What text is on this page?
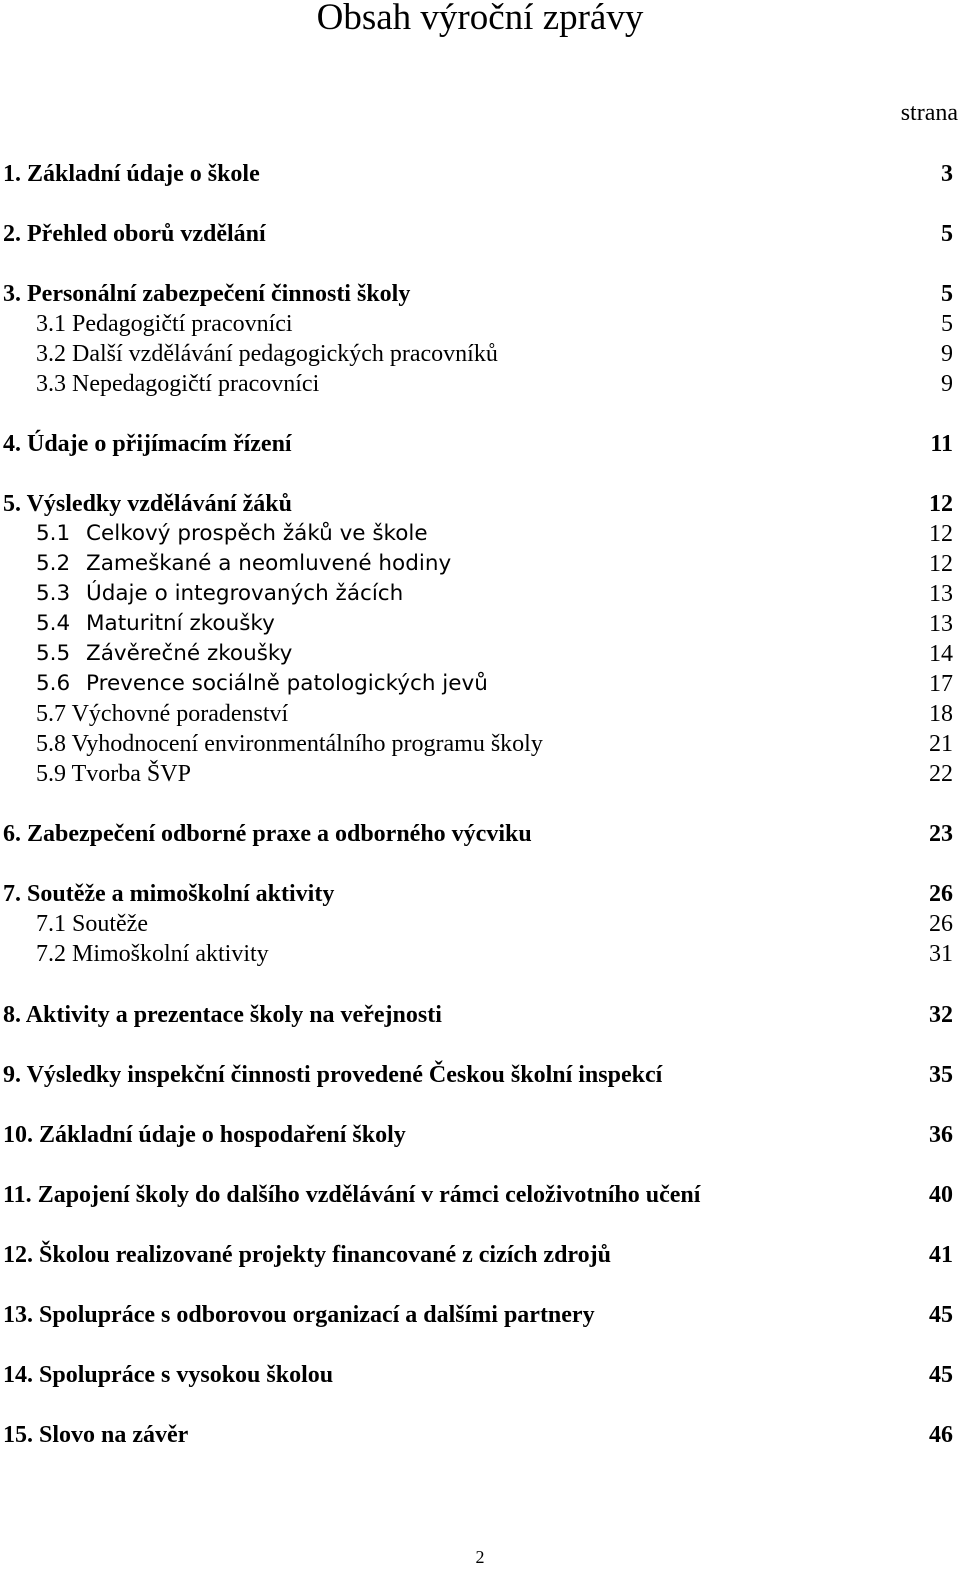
Obsah výroční zprávy
strana
1. Základní údaje o škole	3
2. Přehled oborů vzdělání	5
3. Personální zabezpečení činnosti školy	5
3.1 Pedagogičtí pracovníci	5
3.2 Další vzdělávání pedagogických pracovníků	9
3.3 Nepedagogičtí pracovníci	9
4. Údaje o přijímacím řízení	11
5. Výsledky vzdělávání žáků	12
5.1 Celkový prospěch žáků ve škole	12
5.2 Zameškané a neomluvené hodiny	12
5.3 Údaje o integrovaných žácích	13
5.4 Maturitní zkoušky	13
5.5 Závěrečné zkoušky	14
5.6 Prevence sociálně patologických jevů	17
5.7 Výchovné poradenství	18
5.8 Vyhodnocení environmentálního programu školy	21
5.9 Tvorba ŠVP	22
6. Zabezpečení odborné praxe a odborného výcviku	23
7. Soutěže a mimoškolní aktivity	26
7.1 Soutěže	26
7.2 Mimoškolní aktivity	31
8. Aktivity a prezentace školy na veřejnosti	32
9. Výsledky inspekční činnosti provedené Českou školní inspekcí	35
10. Základní údaje o hospodaření školy	36
11. Zapojení školy do dalšího vzdělávání v rámci celoživotního učení	40
12. Školou realizované projekty financované z cizích zdrojů	41
13. Spolupráce s odborovou organizací a dalšími partnery	45
14. Spolupráce s vysokou školou	45
15. Slovo na závěr	46
2
